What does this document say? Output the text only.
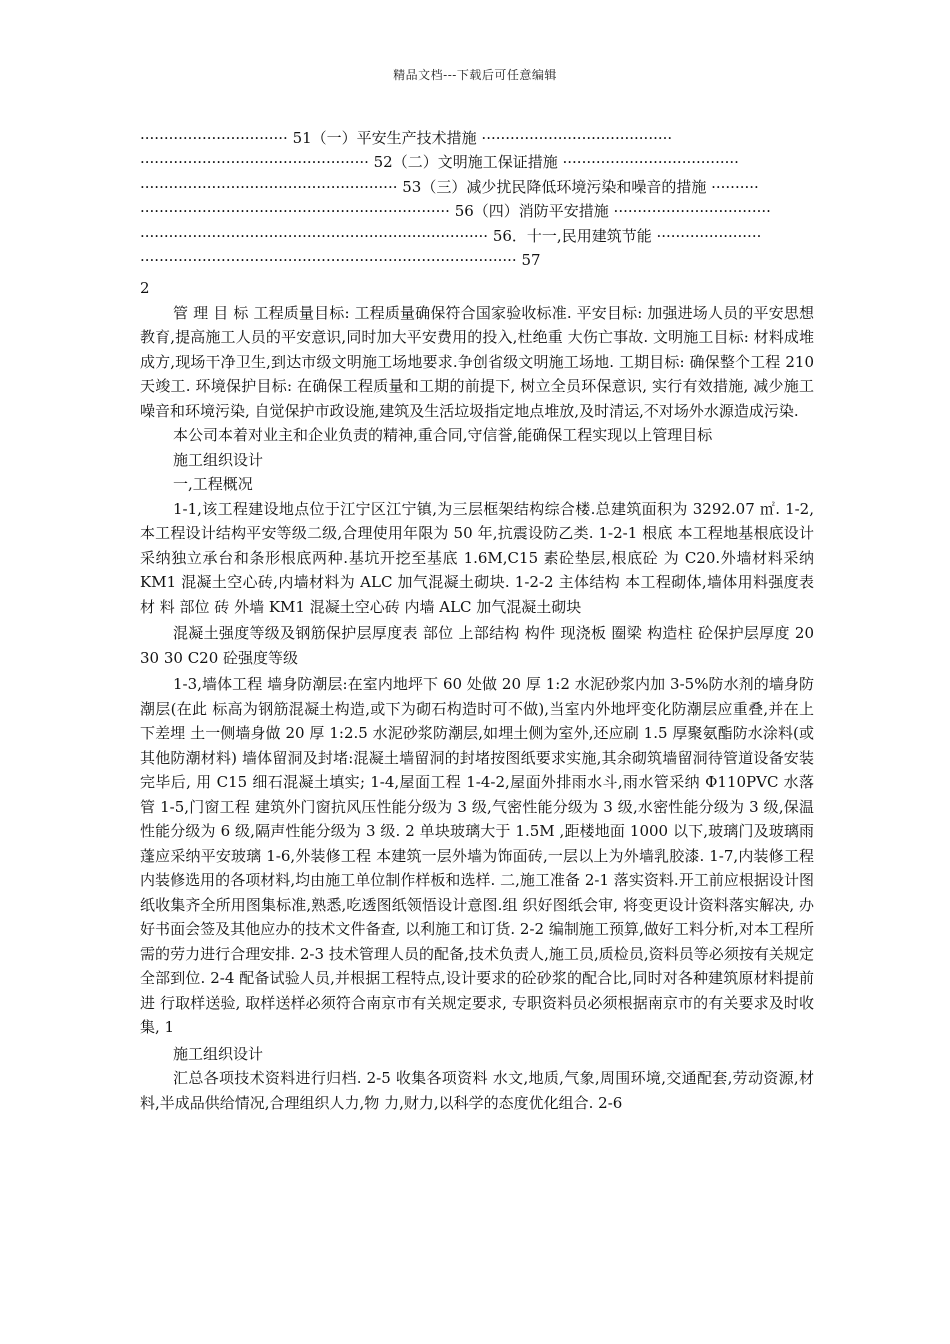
精品文档---下载后可任意编辑
······························· 51（一）平安生产技术措施 ········································
················································ 52（二）文明施工保证措施 ·····································
······················································ 53（三）减少扰民降低环境污染和噪音的措施 ··········
································································· 56（四）消防平安措施 ·································
········································································· 56．十一,民用建筑节能 ······················
··············································································· 57

2

管 理 目 标 工程质量目标: 工程质量确保符合国家验收标准. 平安目标: 加强进场人员的平安思想教育,提高施工人员的平安意识,同时加大平安费用的投入,杜绝重 大伤亡事故. 文明施工目标: 材料成堆成方,现场干净卫生,到达市级文明施工场地要求.争创省级文明施工场地. 工期目标: 确保整个工程 210 天竣工. 环境保护目标: 在确保工程质量和工期的前提下, 树立全员环保意识, 实行有效措施, 减少施工噪音和环境污染, 自觉保护市政设施,建筑及生活垃圾指定地点堆放,及时清运,不对场外水源造成污染.

本公司本着对业主和企业负责的精神,重合同,守信誉,能确保工程实现以上管理目标

施工组织设计

一,工程概况

1-1,该工程建设地点位于江宁区江宁镇,为三层框架结构综合楼.总建筑面积为 3292.07 ㎡. 1-2,本工程设计结构平安等级二级,合理使用年限为 50 年,抗震设防乙类. 1-2-1 根底 本工程地基根底设计采纳独立承台和条形根底两种.基坑开挖至基底 1.6M,C15 素砼垫层,根底砼 为 C20.外墙材料采纳 KM1 混凝土空心砖,内墙材料为 ALC 加气混凝土砌块. 1-2-2 主体结构 本工程砌体,墙体用料强度表 材 料 部位 砖 外墙 KM1 混凝土空心砖 内墙 ALC 加气混凝土砌块

混凝土强度等级及钢筋保护层厚度表 部位 上部结构 构件 现浇板 圈梁 构造柱 砼保护层厚度 20 30 30 C20 砼强度等级

1-3,墙体工程 墙身防潮层:在室内地坪下 60 处做 20 厚 1:2 水泥砂浆内加 3-5%防水剂的墙身防潮层(在此 标高为钢筋混凝土构造,或下为砌石构造时可不做),当室内外地坪变化防潮层应重叠,并在上下差埋 土一侧墙身做 20 厚 1:2.5 水泥砂浆防潮层,如埋土侧为室外,还应刷 1.5 厚聚氨酯防水涂料(或 其他防潮材料) 墙体留洞及封堵:混凝土墙留洞的封堵按图纸要求实施,其余砌筑墙留洞待管道设备安装完毕后, 用 C15 细石混凝土填实; 1-4,屋面工程 1-4-2,屋面外排雨水斗,雨水管采纳 Φ110PVC 水落管 1-5,门窗工程 建筑外门窗抗风压性能分级为 3 级,气密性能分级为 3 级,水密性能分级为 3 级,保温性能分级为 6 级,隔声性能分级为 3 级. 2 单块玻璃大于 1.5M ,距楼地面 1000 以下,玻璃门及玻璃雨蓬应采纳平安玻璃 1-6,外装修工程 本建筑一层外墙为饰面砖,一层以上为外墙乳胶漆. 1-7,内装修工程 内装修选用的各项材料,均由施工单位制作样板和选样. 二,施工准备 2-1 落实资料.开工前应根据设计图纸收集齐全所用图集标准,熟悉,吃透图纸领悟设计意图.组 织好图纸会审, 将变更设计资料落实解决, 办好书面会签及其他应办的技术文件备查, 以利施工和订货. 2-2 编制施工预算,做好工料分析,对本工程所需的劳力进行合理安排. 2-3 技术管理人员的配备,技术负责人,施工员,质检员,资料员等必须按有关规定全部到位. 2-4 配备试验人员,并根据工程特点,设计要求的砼砂浆的配合比,同时对各种建筑原材料提前进 行取样送验, 取样送样必须符合南京市有关规定要求, 专职资料员必须根据南京市的有关要求及时收集, 1

施工组织设计

汇总各项技术资料进行归档. 2-5 收集各项资料 水文,地质,气象,周围环境,交通配套,劳动资源,材料,半成品供给情况,合理组织人力,物 力,财力,以科学的态度优化组合. 2-6
